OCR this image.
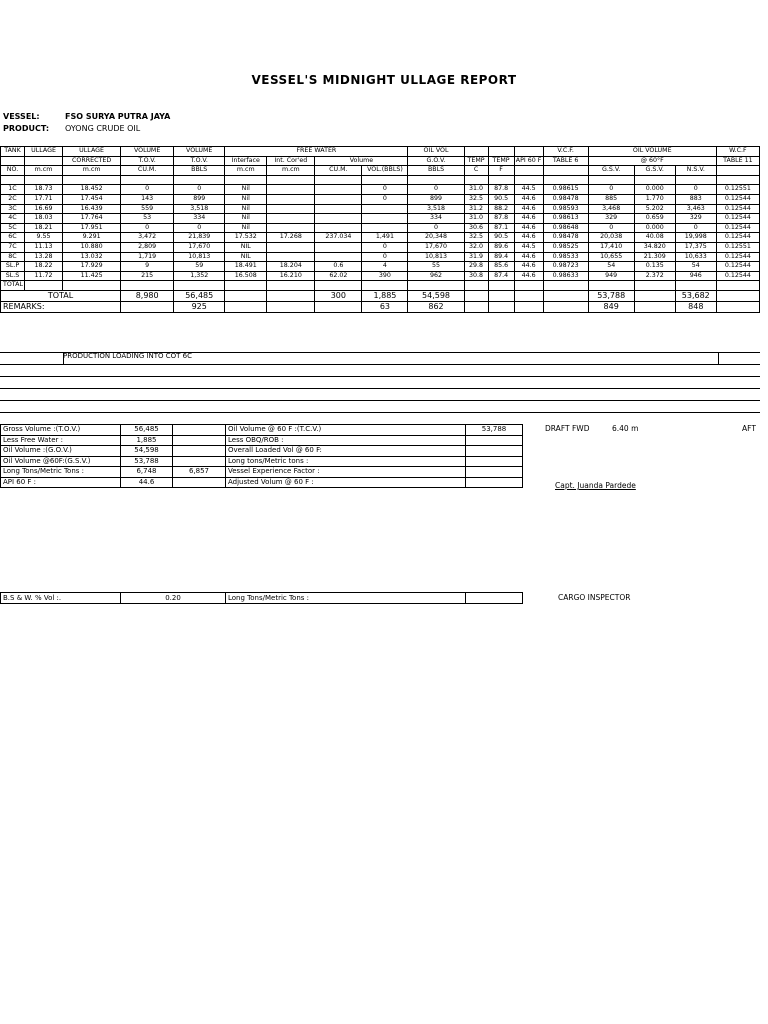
VESSEL'S MIDNIGHT ULLAGE REPORT
VESSEL:	FSO SURYA PUTRA JAYA
PRODUCT: OYONG CRUDE OIL
TANK	ULLAGE	ULLAGE	VOLUME	VOLUME	FREE WATER				OIL VOL				V.C.F.	OIL VOLUME			W.C.F
		CORRECTED	T.O.V.	T.O.V.	Interface	Int. Cor'ed	Volume		G.O.V.	TEMP	TEMP	API 60 F	TABLE 6	@ 60°F			TABLE 11
NO.	m.cm	m.cm	CU.M.	BBLS	m.cm	m.cm	CU.M.	VOL.(BBLS)	BBLS	C	F			G.S.V.	G.S.V.	N.S.V.	

1C	18.73	18.452	0	0	Nil			0	0	31.0	87.8	44.5	0.98615	0	0.000	0	0.12551
2C	17.71	17.454	143	899	Nil			0	899	32.5	90.5	44.6	0.98478	885	1.770	883	0.12544
3C	16.69	16.439	559	3,518	Nil				3,518	31.2	88.2	44.6	0.98593	3,468	5.202	3,463	0.12544
4C	18.03	17.764	53	334	Nil				334	31.0	87.8	44.6	0.98613	329	0.659	329	0.12544
5C	18.21	17.951	0	0	Nil				0	30.6	87.1	44.6	0.98648	0	0.000	0	0.12544
6C	9.55	9.291	3,472	21,839	17.532	17.268	237.034	1,491	20,348	32.5	90.5	44.6	0.98478	20,038	40.08	19,998	0.12544
7C	11.13	10.880	2,809	17,670	NIL			0	17,670	32.0	89.6	44.5	0.98525	17,410	34.820	17,375	0.12551
8C	13.28	13.032	1,719	10,813	NIL			0	10,813	31.9	89.4	44.6	0.98533	10,655	21.309	10,633	0.12544
SL.P	18.22	17.929	9	59	18.491	18.204	0.6	4	55	29.8	85.6	44.6	0.98723	54	0.135	54	0.12544
SL.S	11.72	11.425	215	1,352	16.508	16.210	62.02	390	962	30.8	87.4	44.6	0.98633	949	2.372	946	0.12544
TOTAL																	
TOTAL			8,980	56,485			300	1,885	54,598					53,788		53,682	
REMARKS:				925				63	862					849		848	
PRODUCTION LOADING INTO COT 6C
Gross Volume :(T.O.V.)	56,485		Oil Volume @ 60 F :(T.C.V.)	53,788
Less Free Water :	1,885		Less OBQ/ROB :	
Oil Volume :(G.O.V.)	54,598		Overall Loaded Vol @ 60 F:	
Oil Volume @60F:(G.S.V.)	53,788		Long tons/Metric tons :	
Long Tons/Metric Tons :	6,748	6,857	Vessel Experience Factor :	
API 60 F :	44.6		Adjusted Volum @ 60 F :	
DRAFT FWD	6.40 m	AFT
Capt. Juanda Pardede
B.S & W. % Vol :.	0.20	Long Tons/Metric Tons :		CARGO INSPECTOR
